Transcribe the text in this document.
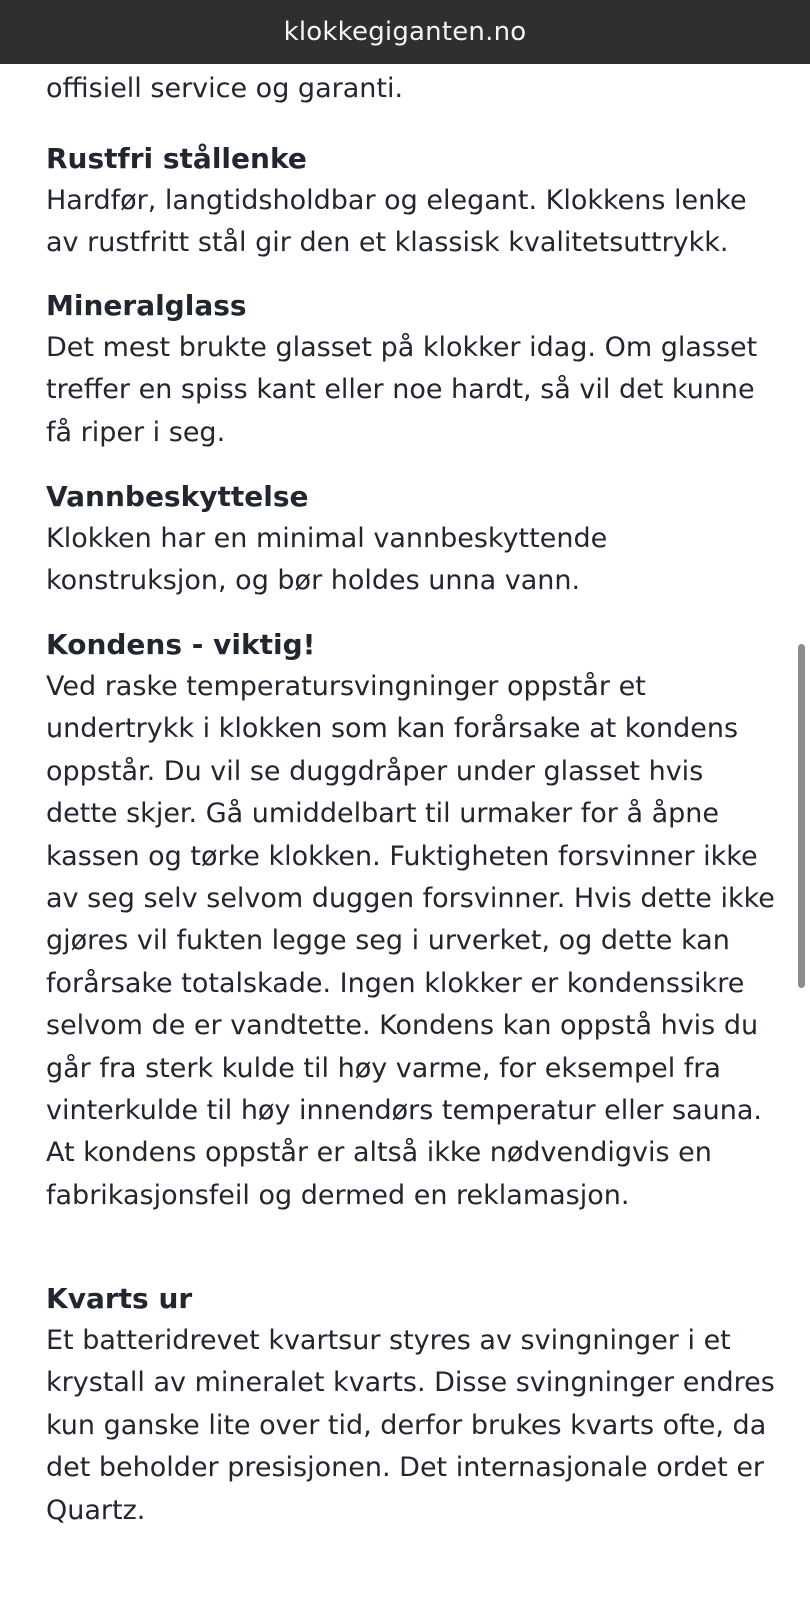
klokkegiganten.no

offisiell service og garanti.

Rustfri stållenke

Hardfør, langtidsholdbar og elegant. Klokkens lenke av rustfritt stål gir den et klassisk kvalitetsuttrykk.

Mineralglass

Det mest brukte glasset på klokker idag. Om glasset treffer en spiss kant eller noe hardt, så vil det kunne få riper i seg.

Vannbeskyttelse

Klokken har en minimal vannbeskyttende konstruksjon, og bør holdes unna vann.

Kondens - viktig!

Ved raske temperatursvingninger oppstår et undertrykk i klokken som kan forårsake at kondens oppstår. Du vil se duggdråper under glasset hvis dette skjer. Gå umiddelbart til urmaker for å åpne kassen og tørke klokken. Fuktigheten forsvinner ikke av seg selv selvom duggen forsvinner. Hvis dette ikke gjøres vil fukten legge seg i urverket, og dette kan forårsake totalskade. Ingen klokker er kondenssikre selvom de er vandtette. Kondens kan oppstå hvis du går fra sterk kulde til høy varme, for eksempel fra vinterkulde til høy innendørs temperatur eller sauna. At kondens oppstår er altså ikke nødvendigvis en fabrikasjonsfeil og dermed en reklamasjon.

Kvarts ur

Et batteridrevet kvartsur styres av svingninger i et krystall av mineralet kvarts. Disse svingninger endres kun ganske lite over tid, derfor brukes kvarts ofte, da det beholder presisjonen. Det internasjonale ordet er Quartz.
